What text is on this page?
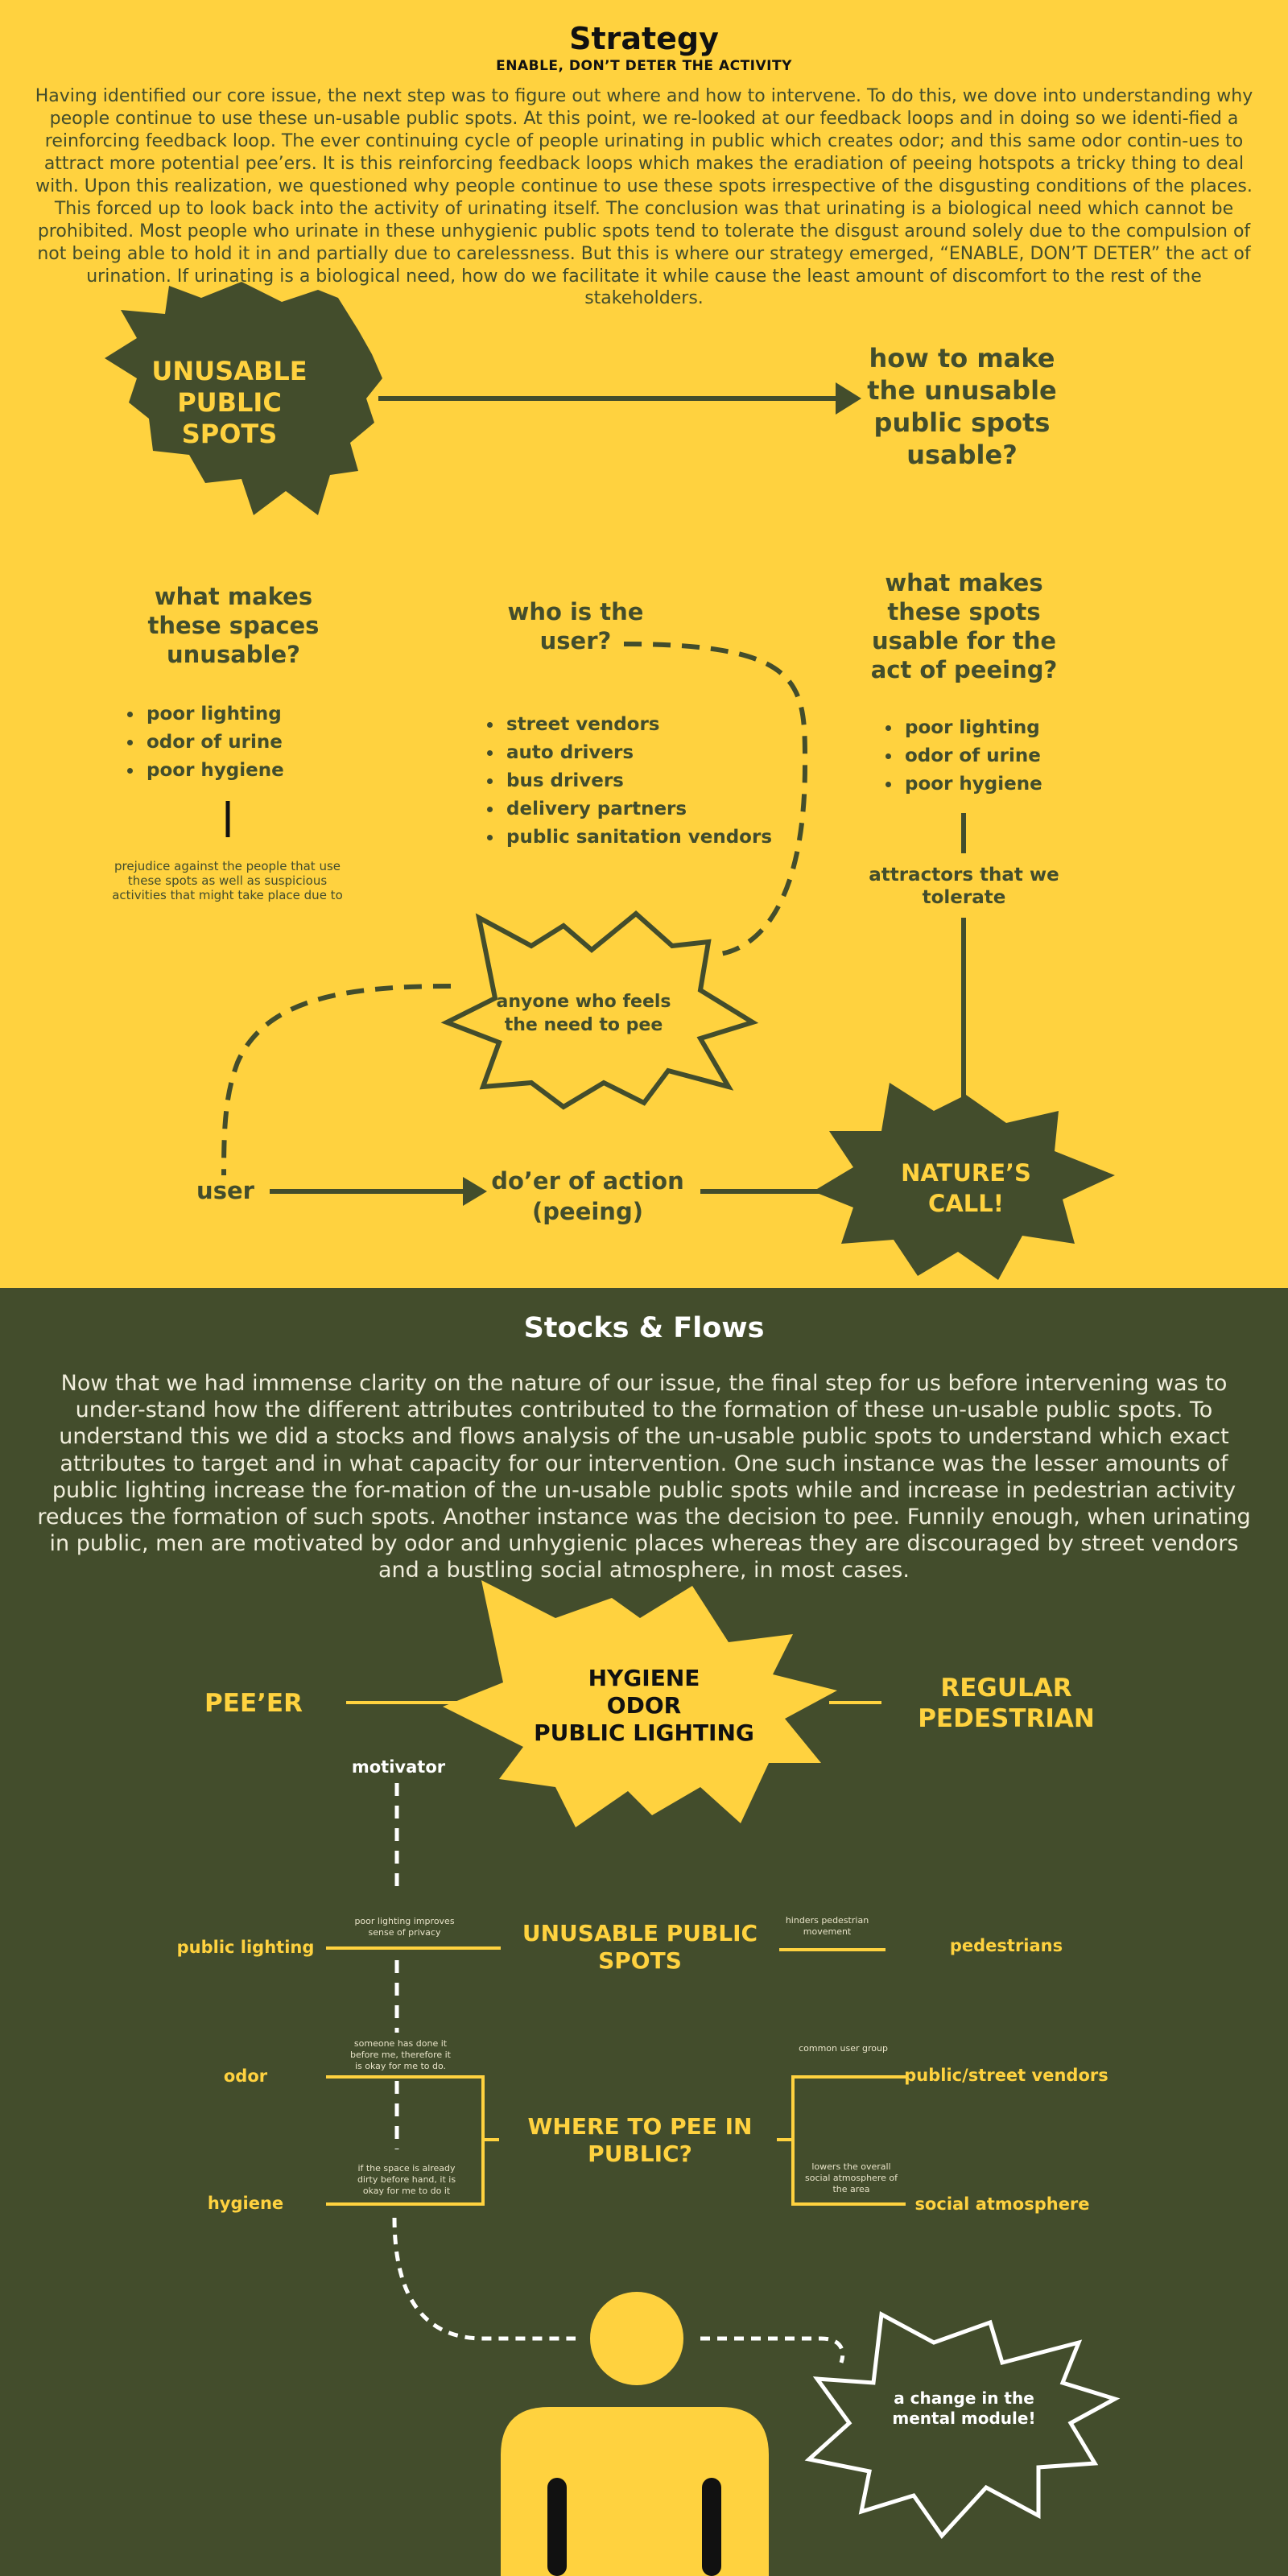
Strategy
ENABLE, DON’T DETER THE ACTIVITY

Having identified our core issue, the next step was to figure out where and how to intervene. To do this, we dove into understanding why people continue to use these un-usable public spots. At this point, we re-looked at our feedback loops and in doing so we identi-fied a reinforcing feedback loop. The ever continuing cycle of people urinating in public which creates odor; and this same odor contin-ues to attract more potential pee’ers. It is this reinforcing feedback loops which makes the eradiation of peeing hotspots a tricky thing to deal with. Upon this realization, we questioned why people continue to use these spots irrespective of the disgusting conditions of the places. This forced up to look back into the activity of urinating itself. The conclusion was that urinating is a biological need which cannot be prohibited. Most people who urinate in these unhygienic public spots tend to tolerate the disgust around solely due to the compulsion of not being able to hold it in and partially due to carelessness. But this is where our strategy emerged, “ENABLE, DON’T DETER” the act of urination. If urinating is a biological need, how do we facilitate it while cause the least amount of discomfort to the rest of the stakeholders.

UNUSABLE PUBLIC SPOTS
how to make the unusable public spots usable?
what makes these spaces unusable?
• poor lighting
• odor of urine
• poor hygiene
prejudice against the people that use these spots as well as suspicious activities that might take place due to
who is the user?
• street vendors
• auto drivers
• bus drivers
• delivery partners
• public sanitation vendors
what makes these spots usable for the act of peeing?
• poor lighting
• odor of urine
• poor hygiene
attractors that we tolerate
anyone who feels the need to pee
user	do’er of action (peeing)
NATURE’S CALL!
Stocks & Flows

Now that we had immense clarity on the nature of our issue, the final step for us before intervening was to under-stand how the different attributes contributed to the formation of these un-usable public spots. To understand this we did a stocks and flows analysis of the un-usable public spots to understand which exact attributes to target and in what capacity for our intervention. One such instance was the lesser amounts of public lighting increase the for-mation of the un-usable public spots while and increase in pedestrian activity reduces the formation of such spots. Another instance was the decision to pee. Funnily enough, when urinating in public, men are motivated by odor and unhygienic places whereas they are discouraged by street vendors and a bustling social atmosphere, in most cases.

HYGIENE
ODOR
PUBLIC LIGHTING
PEE’ER
REGULAR PEDESTRIAN
motivator
public lighting
poor lighting improves sense of privacy	UNUSABLE PUBLIC SPOTS
hinders pedestrian movement
pedestrians
odor
someone has done it before me, therefore it is okay for me to do.
hygiene
if the space is already dirty before hand, it is okay for me to do it
WHERE TO PEE IN PUBLIC?
common user group
public/street vendors
lowers the overall social atmosphere of the area
social atmosphere
a change in the mental module!
